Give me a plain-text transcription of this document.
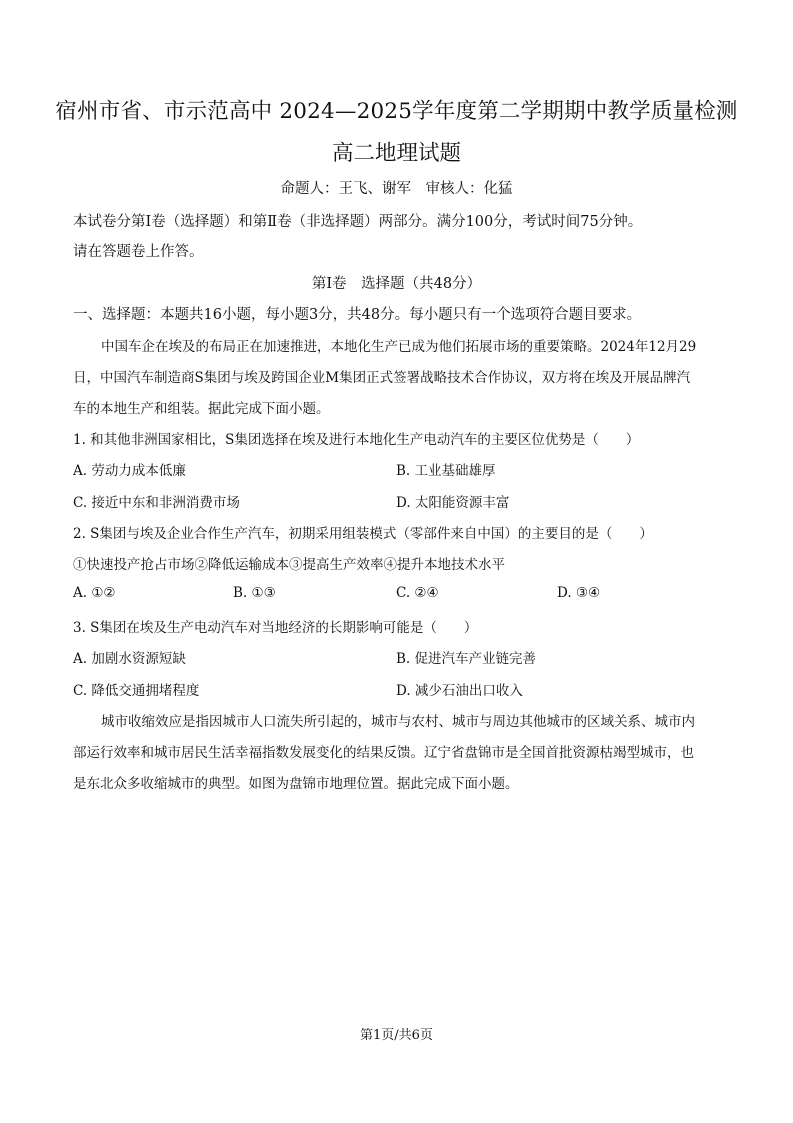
宿州市省、市示范高中 2024—2025学年度第二学期期中教学质量检测
高二地理试题
命题人：王飞、谢军　审核人：化猛
本试卷分第Ⅰ卷（选择题）和第Ⅱ卷（非选择题）两部分。满分100分，考试时间75分钟。
请在答题卷上作答。
第Ⅰ卷　选择题（共48分）
一、选择题：本题共16小题，每小题3分，共48分。每小题只有一个选项符合题目要求。
中国车企在埃及的布局正在加速推进，本地化生产已成为他们拓展市场的重要策略。2024年12月29
日，中国汽车制造商S集团与埃及跨国企业M集团正式签署战略技术合作协议，双方将在埃及开展品牌汽
车的本地生产和组装。据此完成下面小题。
1. 和其他非洲国家相比，S集团选择在埃及进行本地化生产电动汽车的主要区位优势是（　　）
A. 劳动力成本低廉	B. 工业基础雄厚
C. 接近中东和非洲消费市场	D. 太阳能资源丰富
2. S集团与埃及企业合作生产汽车，初期采用组装模式（零部件来自中国）的主要目的是（　　）
①快速投产抢占市场②降低运输成本③提高生产效率④提升本地技术水平
A. ①②	B. ①③	C. ②④	D. ③④
3. S集团在埃及生产电动汽车对当地经济的长期影响可能是（　　）
A. 加剧水资源短缺	B. 促进汽车产业链完善
C. 降低交通拥堵程度	D. 减少石油出口收入
城市收缩效应是指因城市人口流失所引起的，城市与农村、城市与周边其他城市的区域关系、城市内
部运行效率和城市居民生活幸福指数发展变化的结果反馈。辽宁省盘锦市是全国首批资源枯竭型城市，也
是东北众多收缩城市的典型。如图为盘锦市地理位置。据此完成下面小题。
第1页/共6页
